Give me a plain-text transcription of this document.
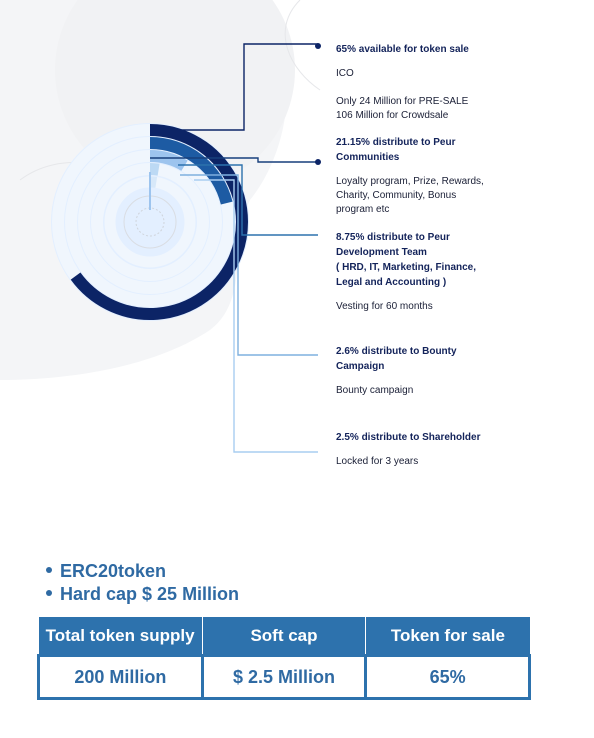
65% available for token sale

ICO

Only 24 Million for PRE-SALE

106 Million for Crowdsale

21.15% distribute to Peur
Communities

Loyalty program, Prize, Rewards,

Charity, Community, Bonus

program etc

8.75% distribute to Peur
Development Team
( HRD, IT, Marketing, Finance,
Legal and Accounting )

Vesting for 60 months

2.6% distribute to Bounty
Campaign

Bounty campaign

2.5% distribute to Shareholder

Locked for 3 years

ERC20token
Hard cap $ 25 Million
Total token supply	Soft cap	Token for sale
200 Million	$ 2.5 Million	65%
